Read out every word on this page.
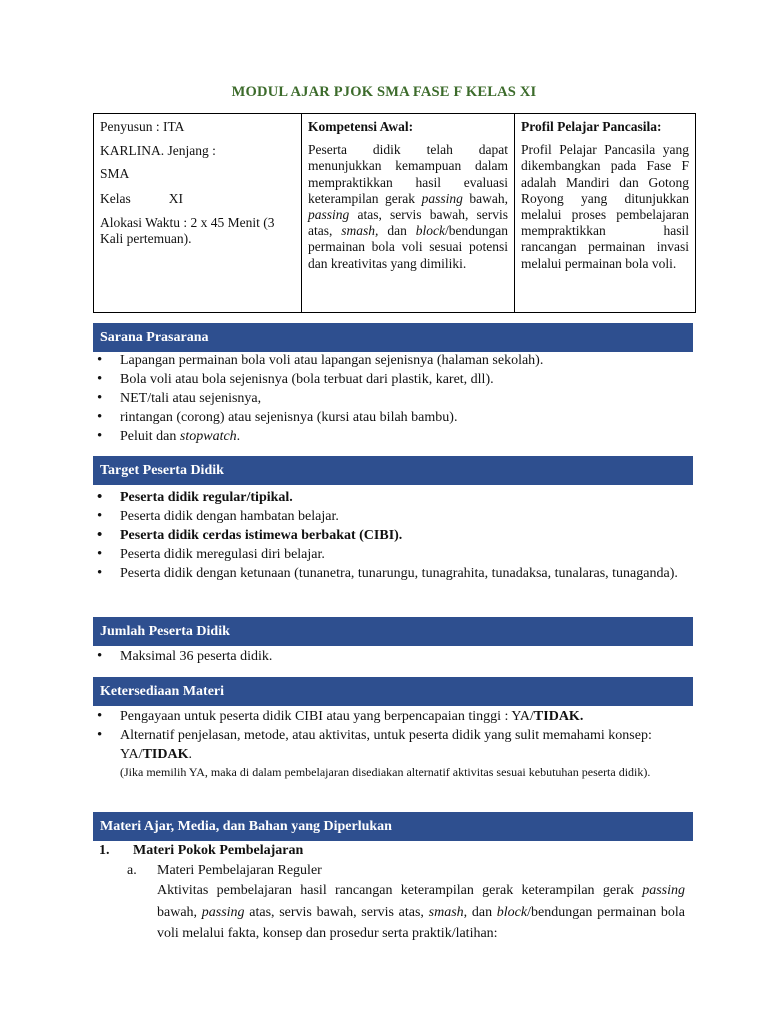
MODUL AJAR PJOK SMA FASE F KELAS XI
Penyusun : ITA
KARLINA. Jenjang :
SMA
Kelas	XI
Alokasi Waktu : 2 x 45 Menit (3 Kali pertemuan).

Kompetensi Awal:
Peserta didik telah dapat menunjukkan kemampuan dalam mempraktikkan hasil evaluasi keterampilan gerak passing bawah, passing atas, servis bawah, servis atas, smash, dan block/bendungan permainan bola voli sesuai potensi dan kreativitas yang dimiliki.

Profil Pelajar Pancasila:
Profil Pelajar Pancasila yang dikembangkan pada Fase F adalah Mandiri dan Gotong Royong yang ditunjukkan melalui proses pembelajaran mempraktikkan hasil rancangan permainan invasi melalui permainan bola voli.
Sarana Prasarana
• Lapangan permainan bola voli atau lapangan sejenisnya (halaman sekolah).
• Bola voli atau bola sejenisnya (bola terbuat dari plastik, karet, dll).
• NET/tali atau sejenisnya,
• rintangan (corong) atau sejenisnya (kursi atau bilah bambu).
• Peluit dan stopwatch.
Target Peserta Didik
• Peserta didik regular/tipikal.
• Peserta didik dengan hambatan belajar.
• Peserta didik cerdas istimewa berbakat (CIBI).
• Peserta didik meregulasi diri belajar.
• Peserta didik dengan ketunaan (tunanetra, tunarungu, tunagrahita, tunadaksa, tunalaras, tunaganda).
Jumlah Peserta Didik
• Maksimal 36 peserta didik.
Ketersediaan Materi
• Pengayaan untuk peserta didik CIBI atau yang berpencapaian tinggi : YA/TIDAK.
• Alternatif penjelasan, metode, atau aktivitas, untuk peserta didik yang sulit memahami konsep: YA/TIDAK.
(Jika memilih YA, maka di dalam pembelajaran disediakan alternatif aktivitas sesuai kebutuhan peserta didik).
Materi Ajar, Media, dan Bahan yang Diperlukan
1. Materi Pokok Pembelajaran
a. Materi Pembelajaran Reguler
Aktivitas pembelajaran hasil rancangan keterampilan gerak keterampilan gerak passing bawah, passing atas, servis bawah, servis atas, smash, dan block/bendungan permainan bola voli melalui fakta, konsep dan prosedur serta praktik/latihan:
